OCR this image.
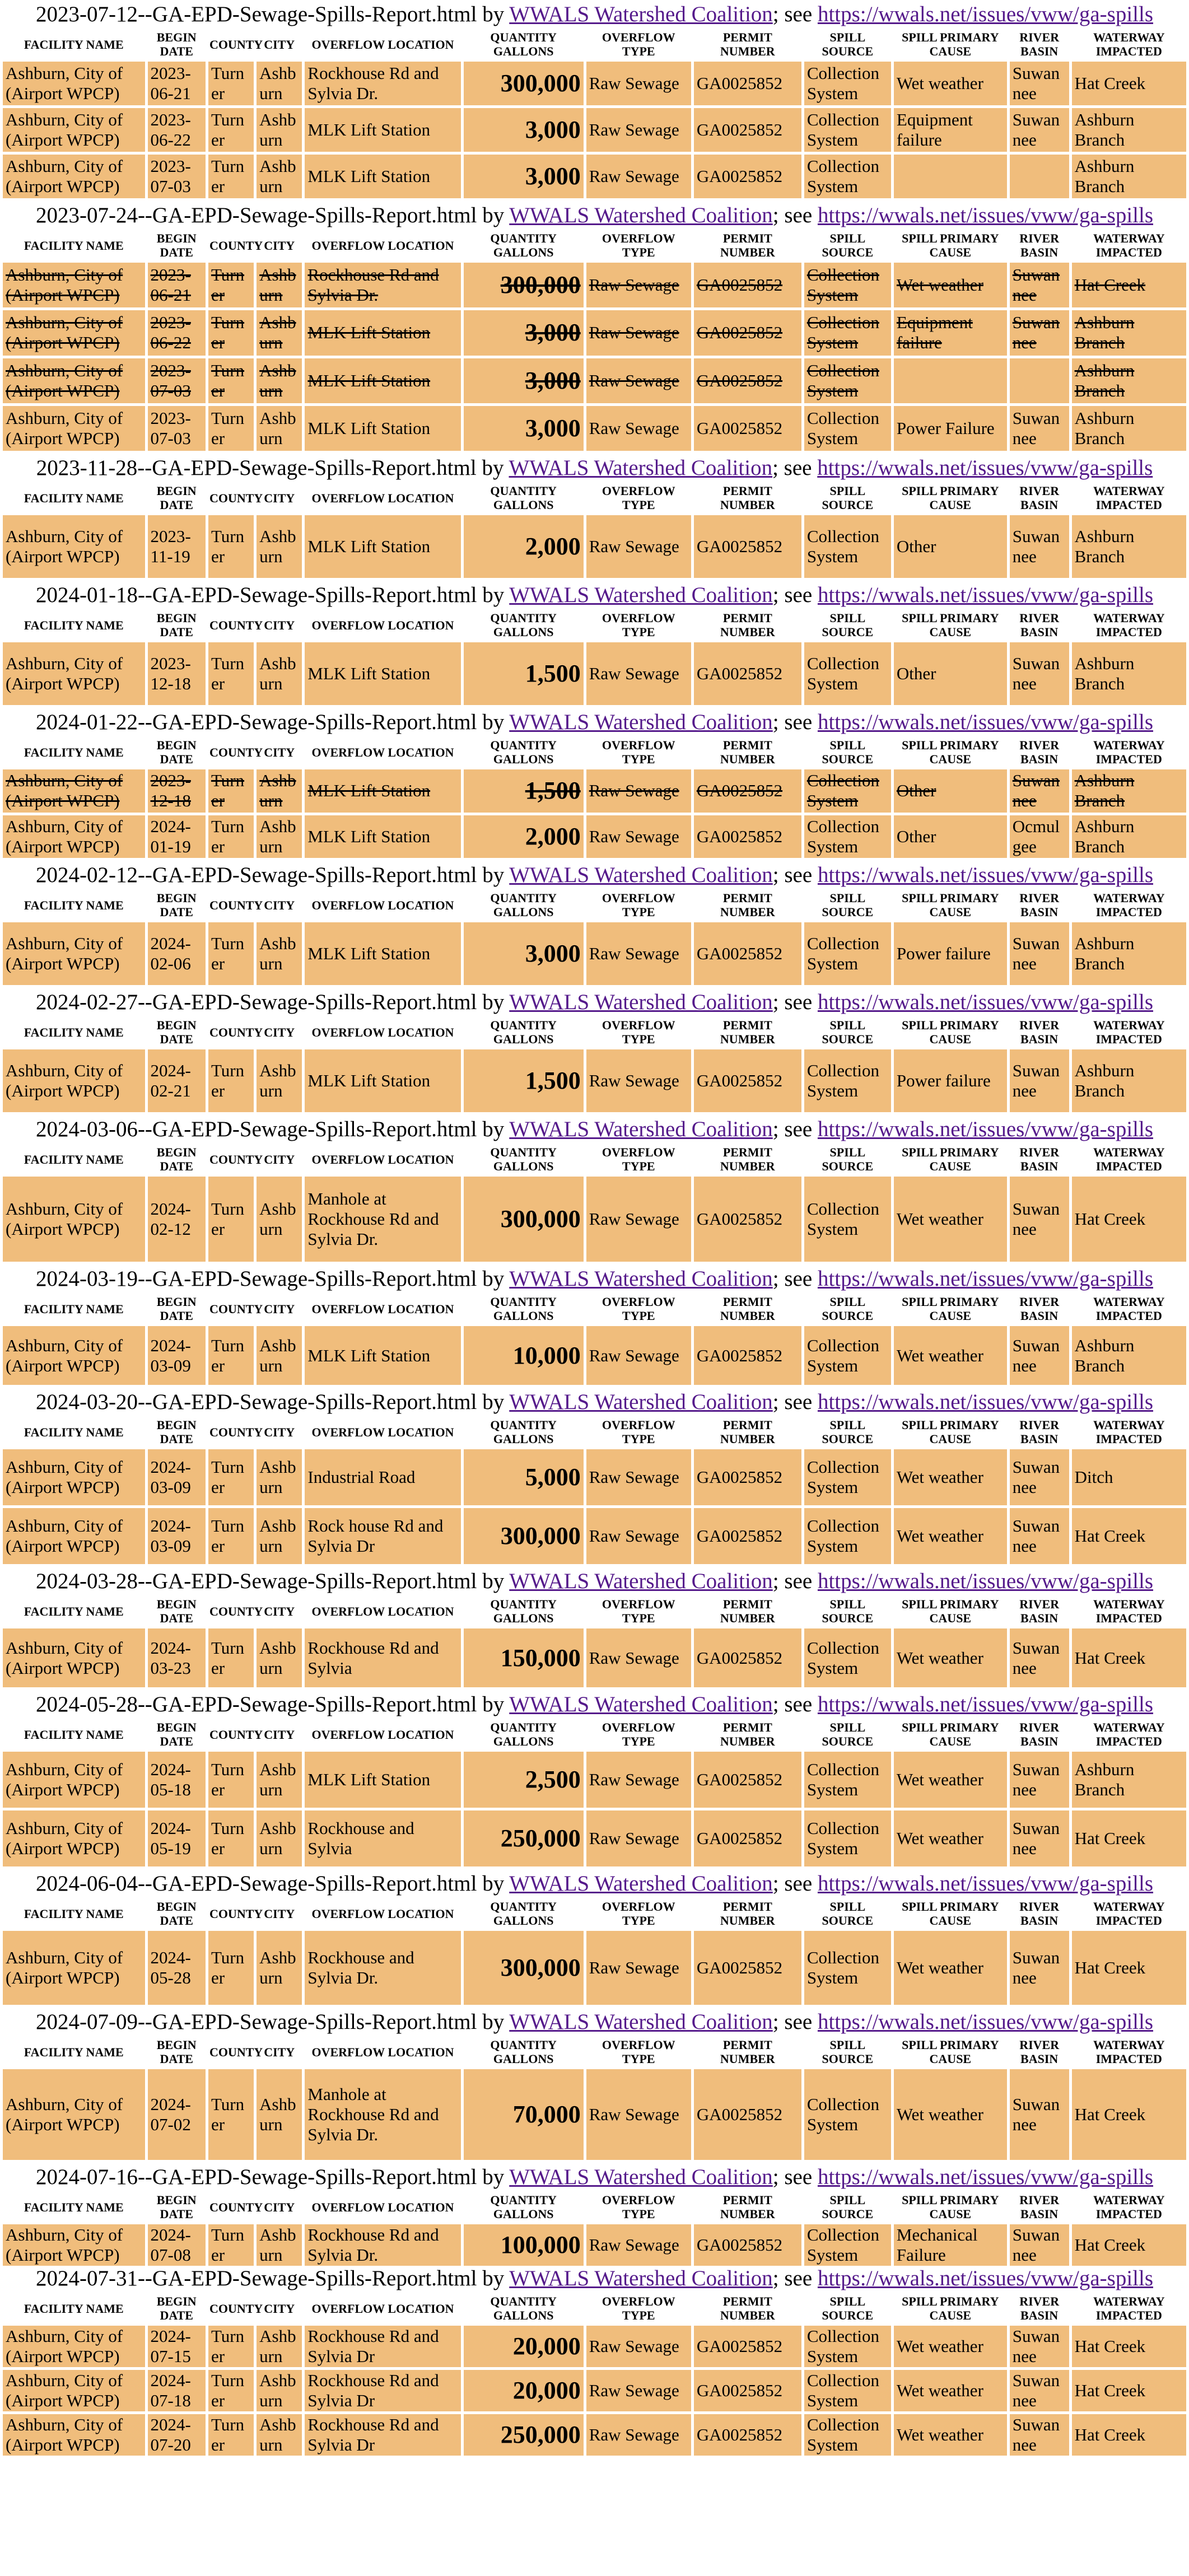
2023-07-12--GA-EPD-Sewage-Spills-Report.html by WWALS Watershed Coalition; see https://wwals.net/issues/vww/ga-spills
FACILITY NAME	BEGIN DATE	COUNTY	CITY	OVERFLOW LOCATION	QUANTITY GALLONS	OVERFLOW TYPE	PERMIT NUMBER	SPILL SOURCE	SPILL PRIMARY CAUSE	RIVER BASIN	WATERWAY IMPACTED
Ashburn, City of (Airport WPCP)	2023-06-21	Turner	Ashburn	Rockhouse Rd and Sylvia Dr.	300,000	Raw Sewage	GA0025852	Collection System	Wet weather	Suwannee	Hat Creek
Ashburn, City of (Airport WPCP)	2023-06-22	Turner	Ashburn	MLK Lift Station	3,000	Raw Sewage	GA0025852	Collection System	Equipment failure	Suwannee	Ashburn Branch
Ashburn, City of (Airport WPCP)	2023-07-03	Turner	Ashburn	MLK Lift Station	3,000	Raw Sewage	GA0025852	Collection System			Ashburn Branch
2023-07-24--GA-EPD-Sewage-Spills-Report.html by WWALS Watershed Coalition; see https://wwals.net/issues/vww/ga-spills
FACILITY NAME	BEGIN DATE	COUNTY	CITY	OVERFLOW LOCATION	QUANTITY GALLONS	OVERFLOW TYPE	PERMIT NUMBER	SPILL SOURCE	SPILL PRIMARY CAUSE	RIVER BASIN	WATERWAY IMPACTED
Ashburn, City of (Airport WPCP)	2023-06-21	Turner	Ashburn	Rockhouse Rd and Sylvia Dr.	300,000	Raw Sewage	GA0025852	Collection System	Wet weather	Suwannee	Hat Creek
Ashburn, City of (Airport WPCP)	2023-06-22	Turner	Ashburn	MLK Lift Station	3,000	Raw Sewage	GA0025852	Collection System	Equipment failure	Suwannee	Ashburn Branch
Ashburn, City of (Airport WPCP)	2023-07-03	Turner	Ashburn	MLK Lift Station	3,000	Raw Sewage	GA0025852	Collection System			Ashburn Branch
Ashburn, City of (Airport WPCP)	2023-07-03	Turner	Ashburn	MLK Lift Station	3,000	Raw Sewage	GA0025852	Collection System	Power Failure	Suwannee	Ashburn Branch
2023-11-28--GA-EPD-Sewage-Spills-Report.html by WWALS Watershed Coalition; see https://wwals.net/issues/vww/ga-spills
FACILITY NAME	BEGIN DATE	COUNTY	CITY	OVERFLOW LOCATION	QUANTITY GALLONS	OVERFLOW TYPE	PERMIT NUMBER	SPILL SOURCE	SPILL PRIMARY CAUSE	RIVER BASIN	WATERWAY IMPACTED
Ashburn, City of (Airport WPCP)	2023-11-19	Turner	Ashburn	MLK Lift Station	2,000	Raw Sewage	GA0025852	Collection System	Other	Suwannee	Ashburn Branch
2024-01-18--GA-EPD-Sewage-Spills-Report.html by WWALS Watershed Coalition; see https://wwals.net/issues/vww/ga-spills
FACILITY NAME	BEGIN DATE	COUNTY	CITY	OVERFLOW LOCATION	QUANTITY GALLONS	OVERFLOW TYPE	PERMIT NUMBER	SPILL SOURCE	SPILL PRIMARY CAUSE	RIVER BASIN	WATERWAY IMPACTED
Ashburn, City of (Airport WPCP)	2023-12-18	Turner	Ashburn	MLK Lift Station	1,500	Raw Sewage	GA0025852	Collection System	Other	Suwannee	Ashburn Branch
2024-01-22--GA-EPD-Sewage-Spills-Report.html by WWALS Watershed Coalition; see https://wwals.net/issues/vww/ga-spills
FACILITY NAME	BEGIN DATE	COUNTY	CITY	OVERFLOW LOCATION	QUANTITY GALLONS	OVERFLOW TYPE	PERMIT NUMBER	SPILL SOURCE	SPILL PRIMARY CAUSE	RIVER BASIN	WATERWAY IMPACTED
Ashburn, City of (Airport WPCP)	2023-12-18	Turner	Ashburn	MLK Lift Station	1,500	Raw Sewage	GA0025852	Collection System	Other	Suwannee	Ashburn Branch
Ashburn, City of (Airport WPCP)	2024-01-19	Turner	Ashburn	MLK Lift Station	2,000	Raw Sewage	GA0025852	Collection System	Other	Ocmulgee	Ashburn Branch
2024-02-12--GA-EPD-Sewage-Spills-Report.html by WWALS Watershed Coalition; see https://wwals.net/issues/vww/ga-spills
FACILITY NAME	BEGIN DATE	COUNTY	CITY	OVERFLOW LOCATION	QUANTITY GALLONS	OVERFLOW TYPE	PERMIT NUMBER	SPILL SOURCE	SPILL PRIMARY CAUSE	RIVER BASIN	WATERWAY IMPACTED
Ashburn, City of (Airport WPCP)	2024-02-06	Turner	Ashburn	MLK Lift Station	3,000	Raw Sewage	GA0025852	Collection System	Power failure	Suwannee	Ashburn Branch
2024-02-27--GA-EPD-Sewage-Spills-Report.html by WWALS Watershed Coalition; see https://wwals.net/issues/vww/ga-spills
FACILITY NAME	BEGIN DATE	COUNTY	CITY	OVERFLOW LOCATION	QUANTITY GALLONS	OVERFLOW TYPE	PERMIT NUMBER	SPILL SOURCE	SPILL PRIMARY CAUSE	RIVER BASIN	WATERWAY IMPACTED
Ashburn, City of (Airport WPCP)	2024-02-21	Turner	Ashburn	MLK Lift Station	1,500	Raw Sewage	GA0025852	Collection System	Power failure	Suwannee	Ashburn Branch
2024-03-06--GA-EPD-Sewage-Spills-Report.html by WWALS Watershed Coalition; see https://wwals.net/issues/vww/ga-spills
FACILITY NAME	BEGIN DATE	COUNTY	CITY	OVERFLOW LOCATION	QUANTITY GALLONS	OVERFLOW TYPE	PERMIT NUMBER	SPILL SOURCE	SPILL PRIMARY CAUSE	RIVER BASIN	WATERWAY IMPACTED
Ashburn, City of (Airport WPCP)	2024-02-12	Turner	Ashburn	Manhole at Rockhouse Rd and Sylvia Dr.	300,000	Raw Sewage	GA0025852	Collection System	Wet weather	Suwannee	Hat Creek
2024-03-19--GA-EPD-Sewage-Spills-Report.html by WWALS Watershed Coalition; see https://wwals.net/issues/vww/ga-spills
FACILITY NAME	BEGIN DATE	COUNTY	CITY	OVERFLOW LOCATION	QUANTITY GALLONS	OVERFLOW TYPE	PERMIT NUMBER	SPILL SOURCE	SPILL PRIMARY CAUSE	RIVER BASIN	WATERWAY IMPACTED
Ashburn, City of (Airport WPCP)	2024-03-09	Turner	Ashburn	MLK Lift Station	10,000	Raw Sewage	GA0025852	Collection System	Wet weather	Suwannee	Ashburn Branch
2024-03-20--GA-EPD-Sewage-Spills-Report.html by WWALS Watershed Coalition; see https://wwals.net/issues/vww/ga-spills
FACILITY NAME	BEGIN DATE	COUNTY	CITY	OVERFLOW LOCATION	QUANTITY GALLONS	OVERFLOW TYPE	PERMIT NUMBER	SPILL SOURCE	SPILL PRIMARY CAUSE	RIVER BASIN	WATERWAY IMPACTED
Ashburn, City of (Airport WPCP)	2024-03-09	Turner	Ashburn	Industrial Road	5,000	Raw Sewage	GA0025852	Collection System	Wet weather	Suwannee	Ditch
Ashburn, City of (Airport WPCP)	2024-03-09	Turner	Ashburn	Rock house Rd and Sylvia Dr	300,000	Raw Sewage	GA0025852	Collection System	Wet weather	Suwannee	Hat Creek
2024-03-28--GA-EPD-Sewage-Spills-Report.html by WWALS Watershed Coalition; see https://wwals.net/issues/vww/ga-spills
FACILITY NAME	BEGIN DATE	COUNTY	CITY	OVERFLOW LOCATION	QUANTITY GALLONS	OVERFLOW TYPE	PERMIT NUMBER	SPILL SOURCE	SPILL PRIMARY CAUSE	RIVER BASIN	WATERWAY IMPACTED
Ashburn, City of (Airport WPCP)	2024-03-23	Turner	Ashburn	Rockhouse Rd and Sylvia	150,000	Raw Sewage	GA0025852	Collection System	Wet weather	Suwannee	Hat Creek
2024-05-28--GA-EPD-Sewage-Spills-Report.html by WWALS Watershed Coalition; see https://wwals.net/issues/vww/ga-spills
FACILITY NAME	BEGIN DATE	COUNTY	CITY	OVERFLOW LOCATION	QUANTITY GALLONS	OVERFLOW TYPE	PERMIT NUMBER	SPILL SOURCE	SPILL PRIMARY CAUSE	RIVER BASIN	WATERWAY IMPACTED
Ashburn, City of (Airport WPCP)	2024-05-18	Turner	Ashburn	MLK Lift Station	2,500	Raw Sewage	GA0025852	Collection System	Wet weather	Suwannee	Ashburn Branch
Ashburn, City of (Airport WPCP)	2024-05-19	Turner	Ashburn	Rockhouse and Sylvia	250,000	Raw Sewage	GA0025852	Collection System	Wet weather	Suwannee	Hat Creek
2024-06-04--GA-EPD-Sewage-Spills-Report.html by WWALS Watershed Coalition; see https://wwals.net/issues/vww/ga-spills
FACILITY NAME	BEGIN DATE	COUNTY	CITY	OVERFLOW LOCATION	QUANTITY GALLONS	OVERFLOW TYPE	PERMIT NUMBER	SPILL SOURCE	SPILL PRIMARY CAUSE	RIVER BASIN	WATERWAY IMPACTED
Ashburn, City of (Airport WPCP)	2024-05-28	Turner	Ashburn	Rockhouse and Sylvia Dr.	300,000	Raw Sewage	GA0025852	Collection System	Wet weather	Suwannee	Hat Creek
2024-07-09--GA-EPD-Sewage-Spills-Report.html by WWALS Watershed Coalition; see https://wwals.net/issues/vww/ga-spills
FACILITY NAME	BEGIN DATE	COUNTY	CITY	OVERFLOW LOCATION	QUANTITY GALLONS	OVERFLOW TYPE	PERMIT NUMBER	SPILL SOURCE	SPILL PRIMARY CAUSE	RIVER BASIN	WATERWAY IMPACTED
Ashburn, City of (Airport WPCP)	2024-07-02	Turner	Ashburn	Manhole at Rockhouse Rd and Sylvia Dr.	70,000	Raw Sewage	GA0025852	Collection System	Wet weather	Suwannee	Hat Creek
2024-07-16--GA-EPD-Sewage-Spills-Report.html by WWALS Watershed Coalition; see https://wwals.net/issues/vww/ga-spills
FACILITY NAME	BEGIN DATE	COUNTY	CITY	OVERFLOW LOCATION	QUANTITY GALLONS	OVERFLOW TYPE	PERMIT NUMBER	SPILL SOURCE	SPILL PRIMARY CAUSE	RIVER BASIN	WATERWAY IMPACTED
Ashburn, City of (Airport WPCP)	2024-07-08	Turner	Ashburn	Rockhouse Rd and Sylvia Dr.	100,000	Raw Sewage	GA0025852	Collection System	Mechanical Failure	Suwannee	Hat Creek
2024-07-31--GA-EPD-Sewage-Spills-Report.html by WWALS Watershed Coalition; see https://wwals.net/issues/vww/ga-spills
FACILITY NAME	BEGIN DATE	COUNTY	CITY	OVERFLOW LOCATION	QUANTITY GALLONS	OVERFLOW TYPE	PERMIT NUMBER	SPILL SOURCE	SPILL PRIMARY CAUSE	RIVER BASIN	WATERWAY IMPACTED
Ashburn, City of (Airport WPCP)	2024-07-15	Turner	Ashburn	Rockhouse Rd and Sylvia Dr	20,000	Raw Sewage	GA0025852	Collection System	Wet weather	Suwannee	Hat Creek
Ashburn, City of (Airport WPCP)	2024-07-18	Turner	Ashburn	Rockhouse Rd and Sylvia Dr	20,000	Raw Sewage	GA0025852	Collection System	Wet weather	Suwannee	Hat Creek
Ashburn, City of (Airport WPCP)	2024-07-20	Turner	Ashburn	Rockhouse Rd and Sylvia Dr	250,000	Raw Sewage	GA0025852	Collection System	Wet weather	Suwannee	Hat Creek
